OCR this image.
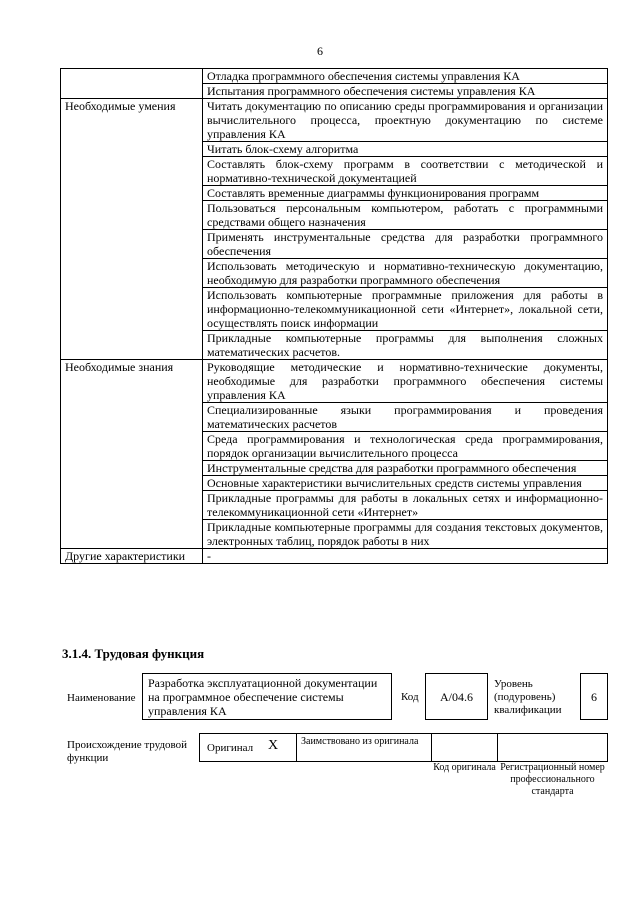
6
	Отладка программного обеспечения системы управления КА
	Испытания программного обеспечения системы управления КА
Необходимые умения	Читать документацию по описанию среды программирования и организации вычислительного процесса, проектную документацию по системе управления КА
	Читать блок-схему алгоритма
	Составлять блок-схему программ в соответствии с методической и нормативно-технической документацией
	Составлять временные диаграммы функционирования программ
	Пользоваться персональным компьютером, работать с программными средствами общего назначения
	Применять инструментальные средства для разработки программного обеспечения
	Использовать методическую и нормативно-техническую документацию, необходимую для разработки программного обеспечения
	Использовать компьютерные программные приложения для работы в информационно-телекоммуникационной сети «Интернет», локальной сети, осуществлять поиск информации
	Прикладные компьютерные программы для выполнения сложных математических расчетов.
Необходимые знания	Руководящие методические и нормативно-технические документы, необходимые для разработки программного обеспечения системы управления КА
	Специализированные языки программирования и проведения математических расчетов
	Среда программирования и технологическая среда программирования, порядок организации вычислительного процесса
	Инструментальные средства для разработки программного обеспечения
	Основные характеристики вычислительных средств системы управления
	Прикладные программы для работы в локальных сетях и информационно-телекоммуникационной сети «Интернет»
	Прикладные компьютерные программы для создания текстовых документов, электронных таблиц, порядок работы в них
Другие характеристики	-
3.1.4. Трудовая функция
Наименование
Разработка эксплуатационной документации на программное обеспечение системы управления КА
Код	A/04.6
Уровень (подуровень) квалификации
6
Происхождение трудовой функции
Оригинал X Заимствовано из оригинала
Код оригинала Регистрационный номер профессионального стандарта
